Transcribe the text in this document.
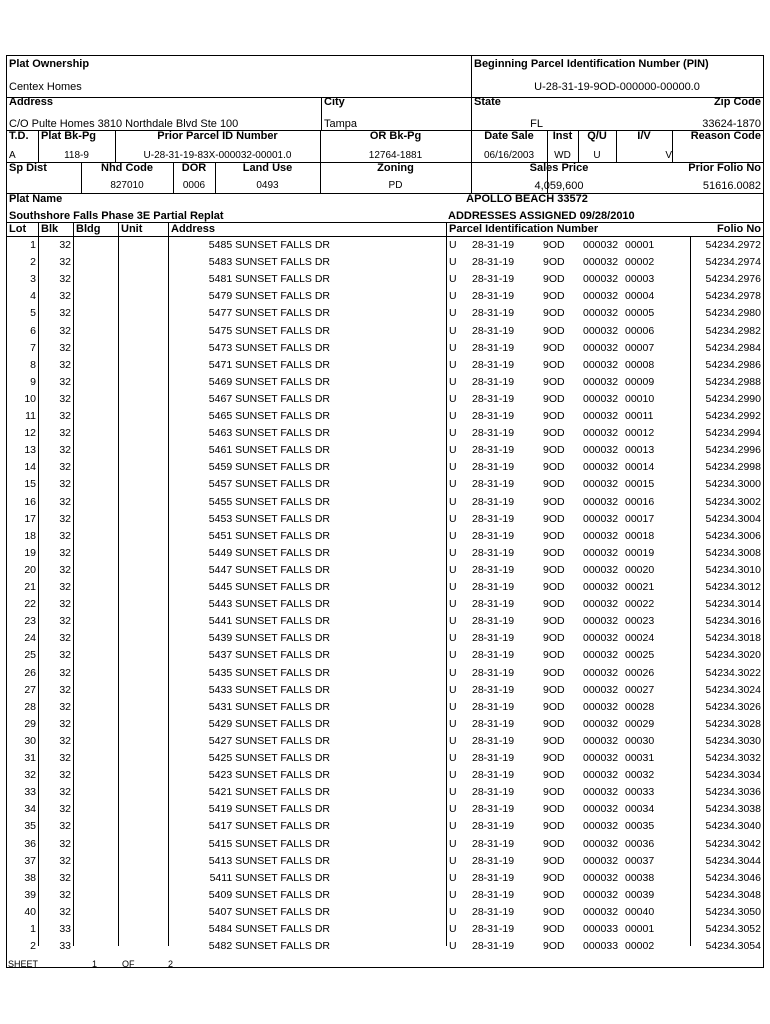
Plat Ownership
Centex Homes
Beginning Parcel Identification Number (PIN)
U-28-31-19-9OD-000000-00000.0
Address
C/O Pulte Homes 3810 Northdale Blvd Ste 100
City
Tampa
State
FL
Zip Code
33624-1870
T.D.
A
Plat Bk-Pg
118-9
Prior Parcel ID Number
U-28-31-19-83X-000032-00001.0
OR Bk-Pg
12764-1881
Date Sale
06/16/2003
Inst
WD
Q/U
U
I/V
V
Reason Code
Sp Dist	Nhd Code
827010
DOR
0006
Land Use
0493
Zoning
PD
Sales Price
4,059,600
Prior Folio No
51616.0082
Plat Name
Southshore Falls Phase 3E Partial Replat
APOLLO BEACH 33572
ADDRESSES ASSIGNED 09/28/2010
Lot Blk Bldg Unit	Address	Parcel Identification Number	Folio No
1	32	5485 SUNSET FALLS DR	U	28-31-19	9OD	000032 00001	54234.2972
2	32	5483 SUNSET FALLS DR	U	28-31-19	9OD	000032 00002	54234.2974
3	32	5481 SUNSET FALLS DR	U	28-31-19	9OD	000032 00003	54234.2976
4	32	5479 SUNSET FALLS DR	U	28-31-19	9OD	000032 00004	54234.2978
5	32	5477 SUNSET FALLS DR	U	28-31-19	9OD	000032 00005	54234.2980
6	32	5475 SUNSET FALLS DR	U	28-31-19	9OD	000032 00006	54234.2982
7	32	5473 SUNSET FALLS DR	U	28-31-19	9OD	000032 00007	54234.2984
8	32	5471 SUNSET FALLS DR	U	28-31-19	9OD	000032 00008	54234.2986
9	32	5469 SUNSET FALLS DR	U	28-31-19	9OD	000032 00009	54234.2988
10	32	5467 SUNSET FALLS DR	U	28-31-19	9OD	000032 00010	54234.2990
11	32	5465 SUNSET FALLS DR	U	28-31-19	9OD	000032 00011	54234.2992
12	32	5463 SUNSET FALLS DR	U	28-31-19	9OD	000032 00012	54234.2994
13	32	5461 SUNSET FALLS DR	U	28-31-19	9OD	000032 00013	54234.2996
14	32	5459 SUNSET FALLS DR	U	28-31-19	9OD	000032 00014	54234.2998
15	32	5457 SUNSET FALLS DR	U	28-31-19	9OD	000032 00015	54234.3000
16	32	5455 SUNSET FALLS DR	U	28-31-19	9OD	000032 00016	54234.3002
17	32	5453 SUNSET FALLS DR	U	28-31-19	9OD	000032 00017	54234.3004
18	32	5451 SUNSET FALLS DR	U	28-31-19	9OD	000032 00018	54234.3006
19	32	5449 SUNSET FALLS DR	U	28-31-19	9OD	000032 00019	54234.3008
20	32	5447 SUNSET FALLS DR	U	28-31-19	9OD	000032 00020	54234.3010
21	32	5445 SUNSET FALLS DR	U	28-31-19	9OD	000032 00021	54234.3012
22	32	5443 SUNSET FALLS DR	U	28-31-19	9OD	000032 00022	54234.3014
23	32	5441 SUNSET FALLS DR	U	28-31-19	9OD	000032 00023	54234.3016
24	32	5439 SUNSET FALLS DR	U	28-31-19	9OD	000032 00024	54234.3018
25	32	5437 SUNSET FALLS DR	U	28-31-19	9OD	000032 00025	54234.3020
26	32	5435 SUNSET FALLS DR	U	28-31-19	9OD	000032 00026	54234.3022
27	32	5433 SUNSET FALLS DR	U	28-31-19	9OD	000032 00027	54234.3024
28	32	5431 SUNSET FALLS DR	U	28-31-19	9OD	000032 00028	54234.3026
29	32	5429 SUNSET FALLS DR	U	28-31-19	9OD	000032 00029	54234.3028
30	32	5427 SUNSET FALLS DR	U	28-31-19	9OD	000032 00030	54234.3030
31	32	5425 SUNSET FALLS DR	U	28-31-19	9OD	000032 00031	54234.3032
32	32	5423 SUNSET FALLS DR	U	28-31-19	9OD	000032 00032	54234.3034
33	32	5421 SUNSET FALLS DR	U	28-31-19	9OD	000032 00033	54234.3036
34	32	5419 SUNSET FALLS DR	U	28-31-19	9OD	000032 00034	54234.3038
35	32	5417 SUNSET FALLS DR	U	28-31-19	9OD	000032 00035	54234.3040
36	32	5415 SUNSET FALLS DR	U	28-31-19	9OD	000032 00036	54234.3042
37	32	5413 SUNSET FALLS DR	U	28-31-19	9OD	000032 00037	54234.3044
38	32	5411 SUNSET FALLS DR	U	28-31-19	9OD	000032 00038	54234.3046
39	32	5409 SUNSET FALLS DR	U	28-31-19	9OD	000032 00039	54234.3048
40	32	5407 SUNSET FALLS DR	U	28-31-19	9OD	000032 00040	54234.3050
1	33	5484 SUNSET FALLS DR	U	28-31-19	9OD	000033 00001	54234.3052
2	33	5482 SUNSET FALLS DR	U	28-31-19	9OD	000033 00002	54234.3054
SHEET	1	OF	2
